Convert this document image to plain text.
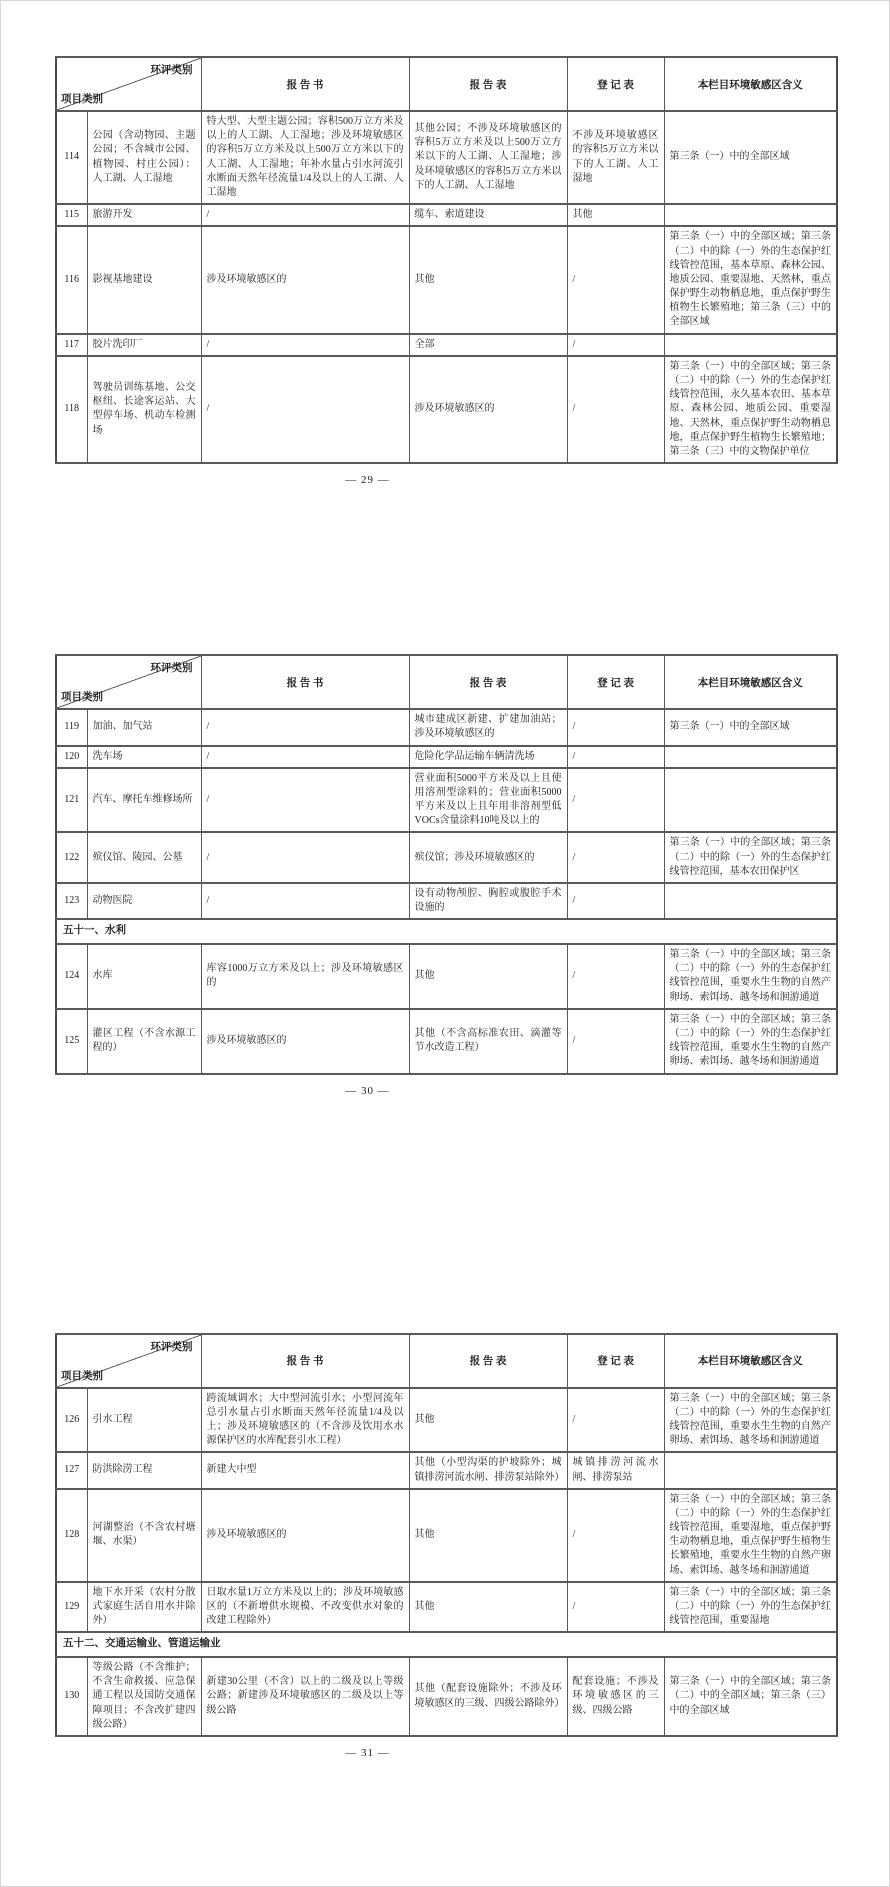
环评类别
项目类别		报 告 书	报 告 表	登 记 表	本栏目环境敏感区含义
114	公园（含动物园、主题公园；不含城市公园、植物园、村庄公园）：人工湖、人工湿地	特大型、大型主题公园；容积500万立方米及以上的人工湖、人工湿地；涉及环境敏感区的容积5万立方米及以上500万立方米以下的人工湖、人工湿地；年补水量占引水河流引水断面天然年径流量1/4及以上的人工湖、人工湿地	其他公园；不涉及环境敏感区的容积5万立方米及以上500万立方米以下的人工湖、人工湿地；涉及环境敏感区的容积5万立方米以下的人工湖、人工湿地	不涉及环境敏感区的容积5万立方米以下的人工湖、人工湿地	第三条（一）中的全部区域
115	旅游开发	/	缆车、索道建设	其他	
116	影视基地建设	涉及环境敏感区的	其他	/	第三条（一）中的全部区域；第三条（二）中的除（一）外的生态保护红线管控范围，基本草原、森林公园、地质公园、重要湿地、天然林，重点保护野生动物栖息地，重点保护野生植物生长繁殖地；第三条（三）中的全部区域
117	胶片洗印厂	/	全部	/	
118	驾驶员训练基地、公交枢纽、长途客运站、大型停车场、机动车检测场	/	涉及环境敏感区的	/	第三条（一）中的全部区域；第三条（二）中的除（一）外的生态保护红线管控范围，永久基本农田、基本草原、森林公园、地质公园、重要湿地、天然林，重点保护野生动物栖息地，重点保护野生植物生长繁殖地；第三条（三）中的文物保护单位
— 29 —
环评类别
项目类别		报 告 书	报 告 表	登 记 表	本栏目环境敏感区含义
119	加油、加气站	/	城市建成区新建、扩建加油站；涉及环境敏感区的	/	第三条（一）中的全部区域
120	洗车场	/	危险化学品运输车辆清洗场	/	
121	汽车、摩托车维修场所	/	营业面积5000平方米及以上且使用溶剂型涂料的；营业面积5000平方米及以上且年用非溶剂型低VOCs含量涂料10吨及以上的	/	
122	殡仪馆、陵园、公墓	/	殡仪馆；涉及环境敏感区的	/	第三条（一）中的全部区域；第三条（二）中的除（一）外的生态保护红线管控范围，基本农田保护区
123	动物医院	/	设有动物颅腔、胸腔或腹腔手术设施的	/	
五十一、水利					
124	水库	库容1000万立方米及以上；涉及环境敏感区的	其他	/	第三条（一）中的全部区域；第三条（二）中的除（一）外的生态保护红线管控范围，重要水生生物的自然产卵场、索饵场、越冬场和洄游通道
125	灌区工程（不含水源工程的）	涉及环境敏感区的	其他（不含高标准农田、滴灌等节水改造工程）	/	第三条（一）中的全部区域；第三条（二）中的除（一）外的生态保护红线管控范围，重要水生生物的自然产卵场、索饵场、越冬场和洄游通道
— 30 —
环评类别
项目类别		报 告 书	报 告 表	登 记 表	本栏目环境敏感区含义
126	引水工程	跨流域调水；大中型河流引水；小型河流年总引水量占引水断面天然年径流量1/4及以上；涉及环境敏感区的（不含涉及饮用水水源保护区的水库配套引水工程）	其他	/	第三条（一）中的全部区域；第三条（二）中的除（一）外的生态保护红线管控范围，重要水生生物的自然产卵场、索饵场、越冬场和洄游通道
127	防洪除涝工程	新建大中型	其他（小型沟渠的护坡除外；城镇排涝河流水闸、排涝泵站除外）	城镇排涝河流水闸、排涝泵站	
128	河湖整治（不含农村塘堰、水渠）	涉及环境敏感区的	其他	/	第三条（一）中的全部区域；第三条（二）中的除（一）外的生态保护红线管控范围，重要湿地，重点保护野生动物栖息地，重点保护野生植物生长繁殖地，重要水生生物的自然产卵场、索饵场、越冬场和洄游通道
129	地下水开采（农村分散式家庭生活自用水井除外）	日取水量1万立方米及以上的；涉及环境敏感区的（不新增供水规模、不改变供水对象的改建工程除外）	其他	/	第三条（一）中的全部区域；第三条（二）中的除（一）外的生态保护红线管控范围，重要湿地
五十二、交通运输业、管道运输业					
130	等级公路（不含维护；不含生命救援、应急保通工程以及国防交通保障项目；不含改扩建四级公路）	新建30公里（不含）以上的二级及以上等级公路；新建涉及环境敏感区的二级及以上等级公路	其他（配套设施除外；不涉及环境敏感区的三级、四级公路除外）	配套设施；不涉及环境敏感区的三级、四级公路	第三条（一）中的全部区域；第三条（二）中的全部区域；第三条（三）中的全部区域
— 31 —
